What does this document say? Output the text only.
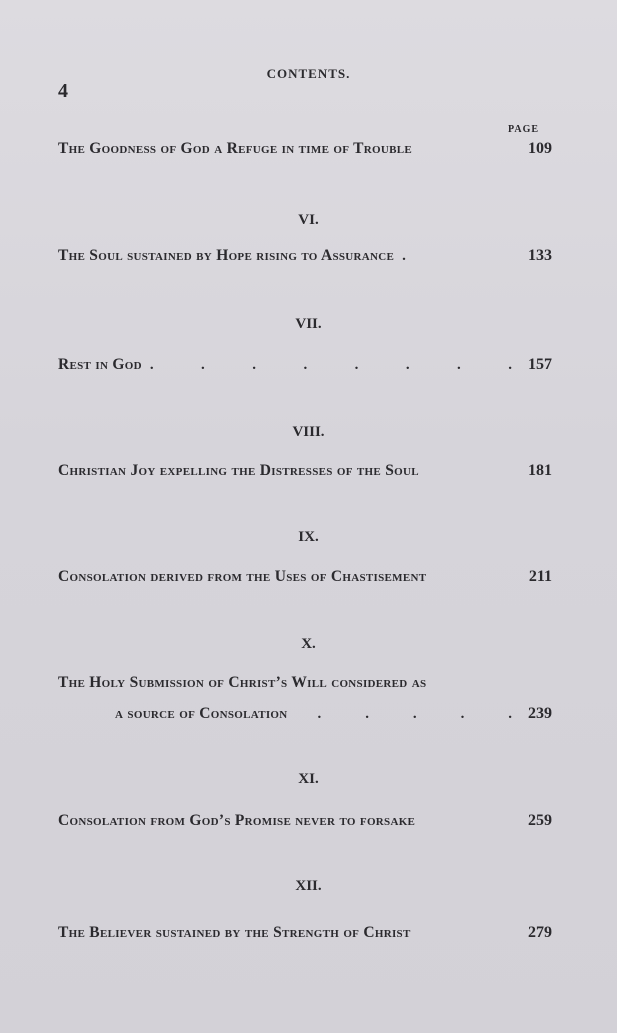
4
CONTENTS.
PAGE
The Goodness of God a Refuge in time of Trouble	109
VI.
The Soul sustained by Hope rising to Assurance .	133
VII.
Rest in God .	.	.	.	.	.	.	.	157
VIII.
Christian Joy expelling the Distresses of the Soul	181
IX.
Consolation derived from the Uses of Chastisement	211
X.
The Holy Submission of Christ’s Will considered as
a source of Consolation .	.	.	.	.	239
XI.
Consolation from God’s Promise never to forsake	259
XII.
The Believer sustained by the Strength of Christ	279
